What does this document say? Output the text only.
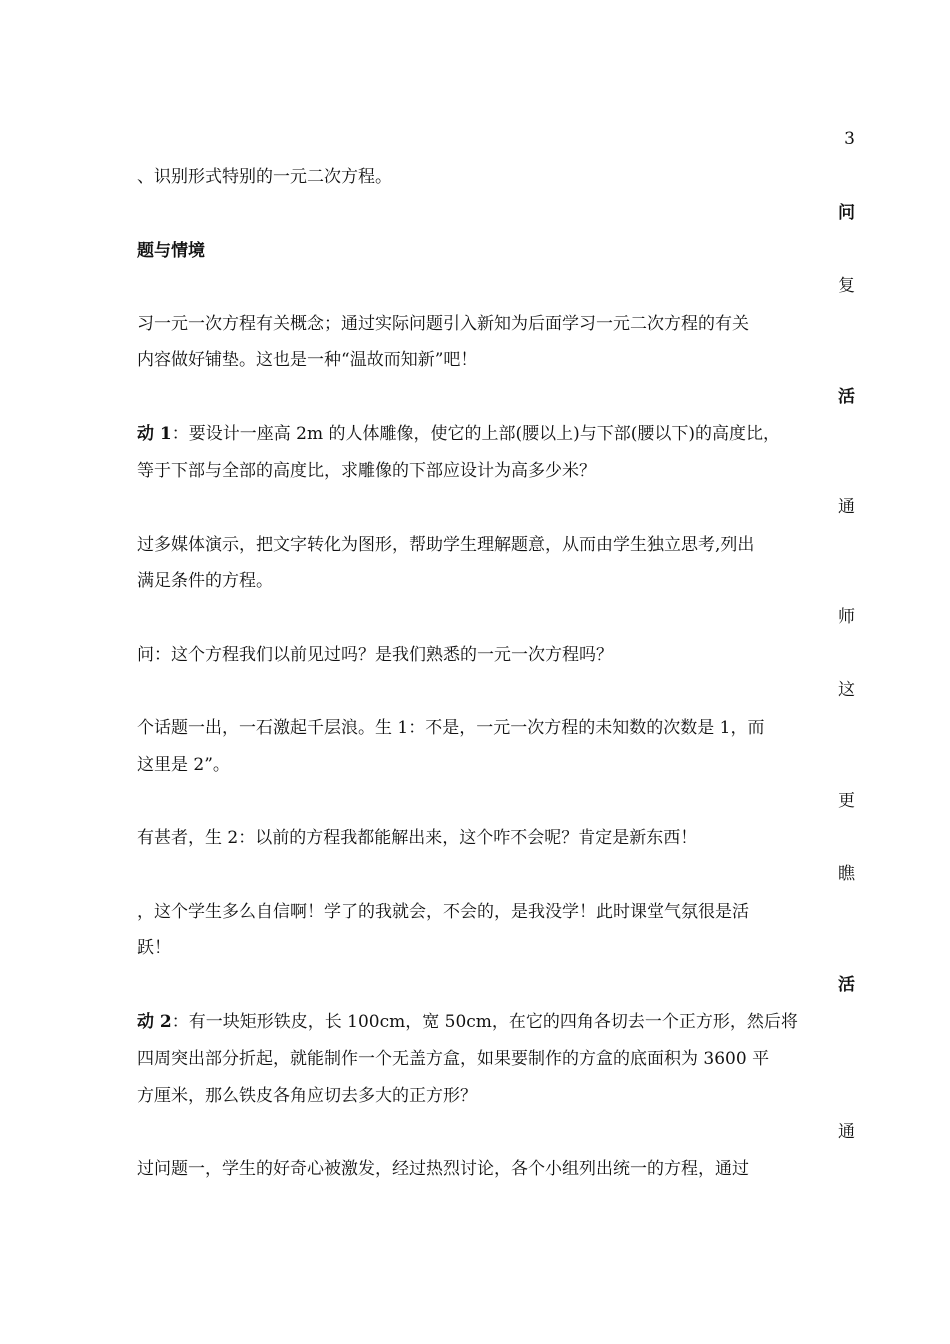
3
、识别形式特别的一元二次方程。
问
题与情境
复
习一元一次方程有关概念；通过实际问题引入新知为后面学习一元二次方程的有关
内容做好铺垫。这也是一种“温故而知新”吧！
活
动 1：要设计一座高 2m 的人体雕像，使它的上部(腰以上)与下部(腰以下)的高度比，
等于下部与全部的高度比，求雕像的下部应设计为高多少米？
通
过多媒体演示，把文字转化为图形，帮助学生理解题意，从而由学生独立思考,列出
满足条件的方程。
师
问：这个方程我们以前见过吗？是我们熟悉的一元一次方程吗？
这
个话题一出，一石激起千层浪。生 1：不是，一元一次方程的未知数的次数是 1，而
这里是 2”。
更
有甚者，生 2：以前的方程我都能解出来，这个咋不会呢？肯定是新东西！
瞧
，这个学生多么自信啊！学了的我就会，不会的，是我没学！此时课堂气氛很是活
跃！
活
动 2：有一块矩形铁皮，长 100cm，宽 50cm，在它的四角各切去一个正方形，然后将
四周突出部分折起，就能制作一个无盖方盒，如果要制作的方盒的底面积为 3600 平
方厘米，那么铁皮各角应切去多大的正方形？
通
过问题一，学生的好奇心被激发，经过热烈讨论，各个小组列出统一的方程，通过
